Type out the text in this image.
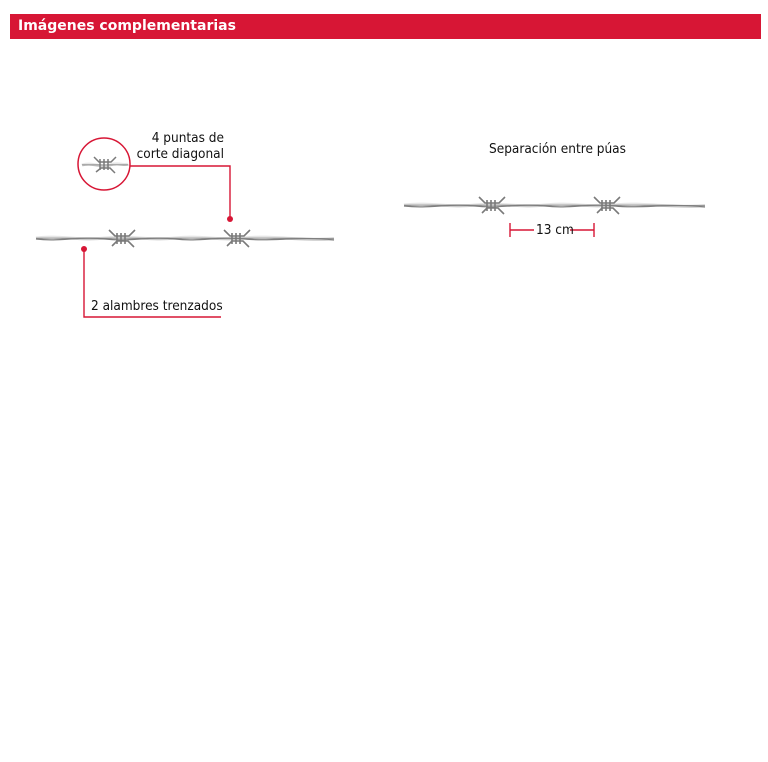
Imágenes complementarias
4 puntas de
corte diagonal
2 alambres trenzados
Separación entre púas
13 cm
